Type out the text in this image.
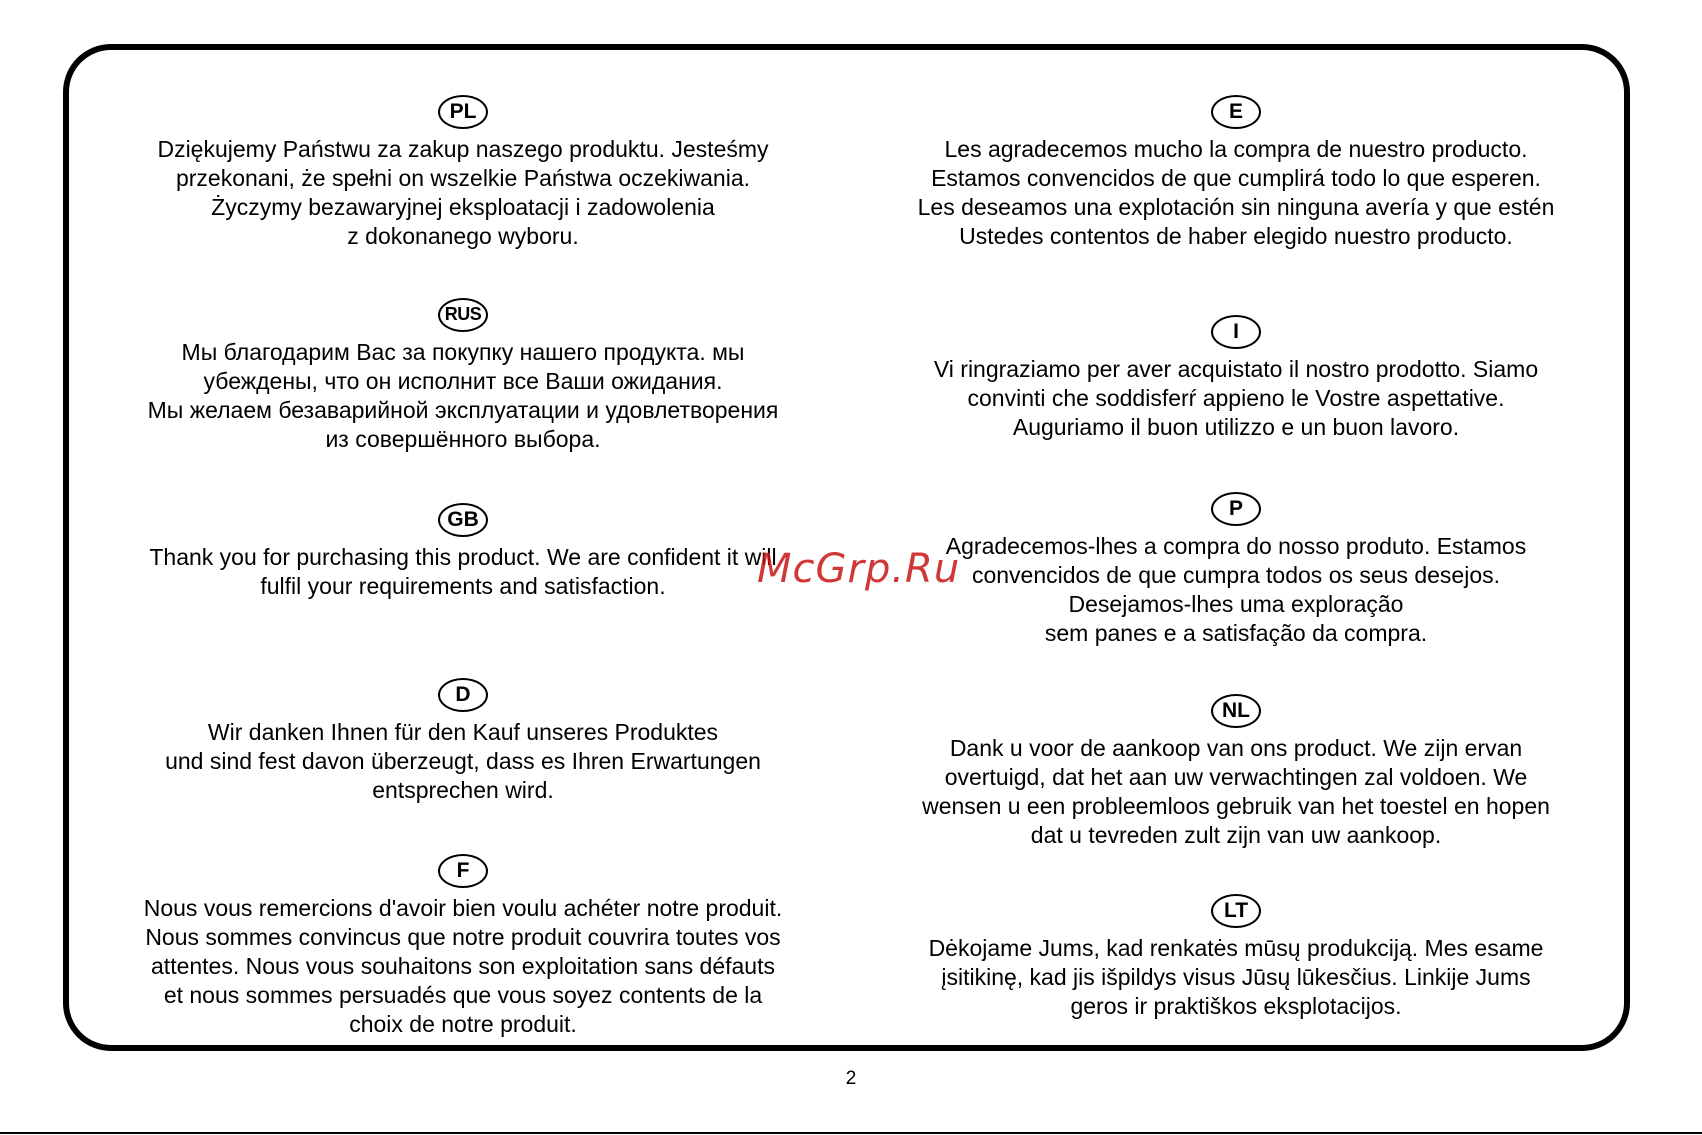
PL
Dziękujemy Państwu za zakup naszego produktu. Jesteśmy
przekonani, że spełni on wszelkie Państwa oczekiwania.
Życzymy bezawaryjnej eksploatacji i zadowolenia
z dokonanego wyboru.
RUS
Мы благодарим Вас за покупку нашего продукта. мы
убеждены, что он исполнит все Ваши ожидания.
Мы желаем безаварийной эксплуатации и удовлетворения
из совершённого выбора.
GB
Thank you for purchasing this product. We are confident it will
fulfil your requirements and satisfaction.
D
Wir danken Ihnen für den Kauf unseres Produktes
und sind fest davon überzeugt, dass es Ihren Erwartungen
entsprechen wird.
F
Nous vous remercions d'avoir bien voulu achéter notre produit.
Nous sommes convincus que notre produit couvrira toutes vos
attentes. Nous vous souhaitons son exploitation sans défauts
et nous sommes persuadés que vous soyez contents de la
choix de notre produit.
E
Les agradecemos mucho la compra de nuestro producto.
Estamos convencidos de que cumplirá todo lo que esperen.
Les deseamos una explotación sin ninguna avería y que estén
Ustedes contentos de haber elegido nuestro producto.
I
Vi ringraziamo per aver acquistato il nostro prodotto. Siamo
convinti che soddisferŕ appieno le Vostre aspettative.
Auguriamo il buon utilizzo e un buon lavoro.
P
Agradecemos-lhes a compra do nosso produto. Estamos
convencidos de que cumpra todos os seus desejos.
Desejamos-lhes uma exploração
sem panes e a satisfação da compra.
NL
Dank u voor de aankoop van ons product. We zijn ervan
overtuigd, dat het aan uw verwachtingen zal voldoen. We
wensen u een probleemloos gebruik van het toestel en hopen
dat u tevreden zult zijn van uw aankoop.
LT
Dėkojame Jums, kad renkatės mūsų produkciją. Mes esame
įsitikinę, kad jis išpildys visus Jūsų lūkesčius. Linkije Jums
geros ir praktiškos eksplotacijos.
McGrp.Ru
2
